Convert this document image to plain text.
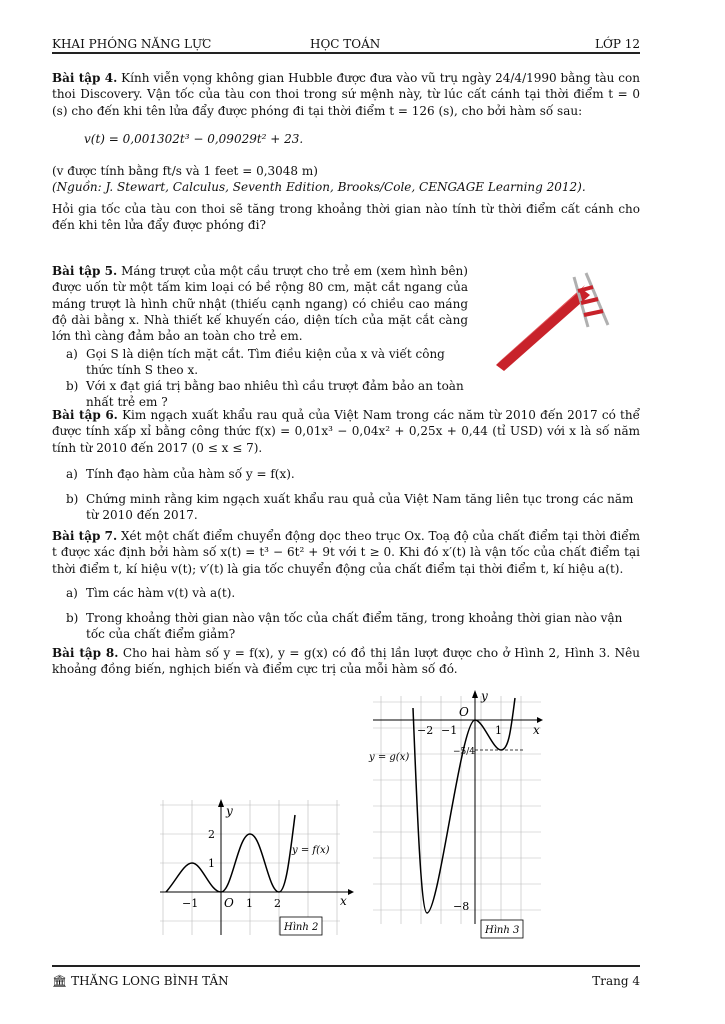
KHAI PHÓNG NĂNG LỰC	HỌC TOÁN	LỚP 12
Bài tập 4. Kính viễn vọng không gian Hubble được đưa vào vũ trụ ngày 24/4/1990 bằng tàu con thoi Discovery. Vận tốc của tàu con thoi trong sứ mệnh này, từ lúc cất cánh tại thời điểm t = 0 (s) cho đến khi tên lửa đẩy được phóng đi tại thời điểm t = 126 (s), cho bởi hàm số sau:
v(t) = 0,001302t³ − 0,09029t² + 23.
(v được tính bằng ft/s và 1 feet = 0,3048 m)
(Nguồn: J. Stewart, Calculus, Seventh Edition, Brooks/Cole, CENGAGE Learning 2012).
Hỏi gia tốc của tàu con thoi sẽ tăng trong khoảng thời gian nào tính từ thời điểm cất cánh cho đến khi tên lửa đẩy được phóng đi?
Bài tập 5. Máng trượt của một cầu trượt cho trẻ em (xem hình bên) được uốn từ một tấm kim loại có bề rộng 80 cm, mặt cắt ngang của máng trượt là hình chữ nhật (thiếu cạnh ngang) có chiều cao máng độ dài bằng x. Nhà thiết kế khuyến cáo, diện tích của mặt cắt càng lớn thì càng đảm bảo an toàn cho trẻ em.
a) Gọi S là diện tích mặt cắt. Tìm điều kiện của x và viết công thức tính S theo x.
b) Với x đạt giá trị bằng bao nhiêu thì cầu trượt đảm bảo an toàn nhất trẻ em ?
Bài tập 6. Kim ngạch xuất khẩu rau quả của Việt Nam trong các năm từ 2010 đến 2017 có thể được tính xấp xỉ bằng công thức f(x) = 0,01x³ − 0,04x² + 0,25x + 0,44 (tỉ USD) với x là số năm tính từ 2010 đến 2017 (0 ≤ x ≤ 7).
a) Tính đạo hàm của hàm số y = f(x).
b) Chứng minh rằng kim ngạch xuất khẩu rau quả của Việt Nam tăng liên tục trong các năm từ 2010 đến 2017.
Bài tập 7. Xét một chất điểm chuyển động dọc theo trục Ox. Toạ độ của chất điểm tại thời điểm t được xác định bởi hàm số x(t) = t³ − 6t² + 9t với t ≥ 0. Khi đó x′(t) là vận tốc của chất điểm tại thời điểm t, kí hiệu v(t); v′(t) là gia tốc chuyển động của chất điểm tại thời điểm t, kí hiệu a(t).
a) Tìm các hàm v(t) và a(t).
b) Trong khoảng thời gian nào vận tốc của chất điểm tăng, trong khoảng thời gian nào vận tốc của chất điểm giảm?
Bài tập 8. Cho hai hàm số y = f(x), y = g(x) có đồ thị lần lượt được cho ở Hình 2, Hình 3. Nêu khoảng đồng biến, nghịch biến và điểm cực trị của mỗi hàm số đó.
y
x
O
−1	1 2
1
2
y = f(x)
Hình 2
y
x
O
−2 −1	1
−8
−5/4
y = g(x)
Hình 3
🏛 THĂNG LONG BÌNH TÂN	Trang 4
